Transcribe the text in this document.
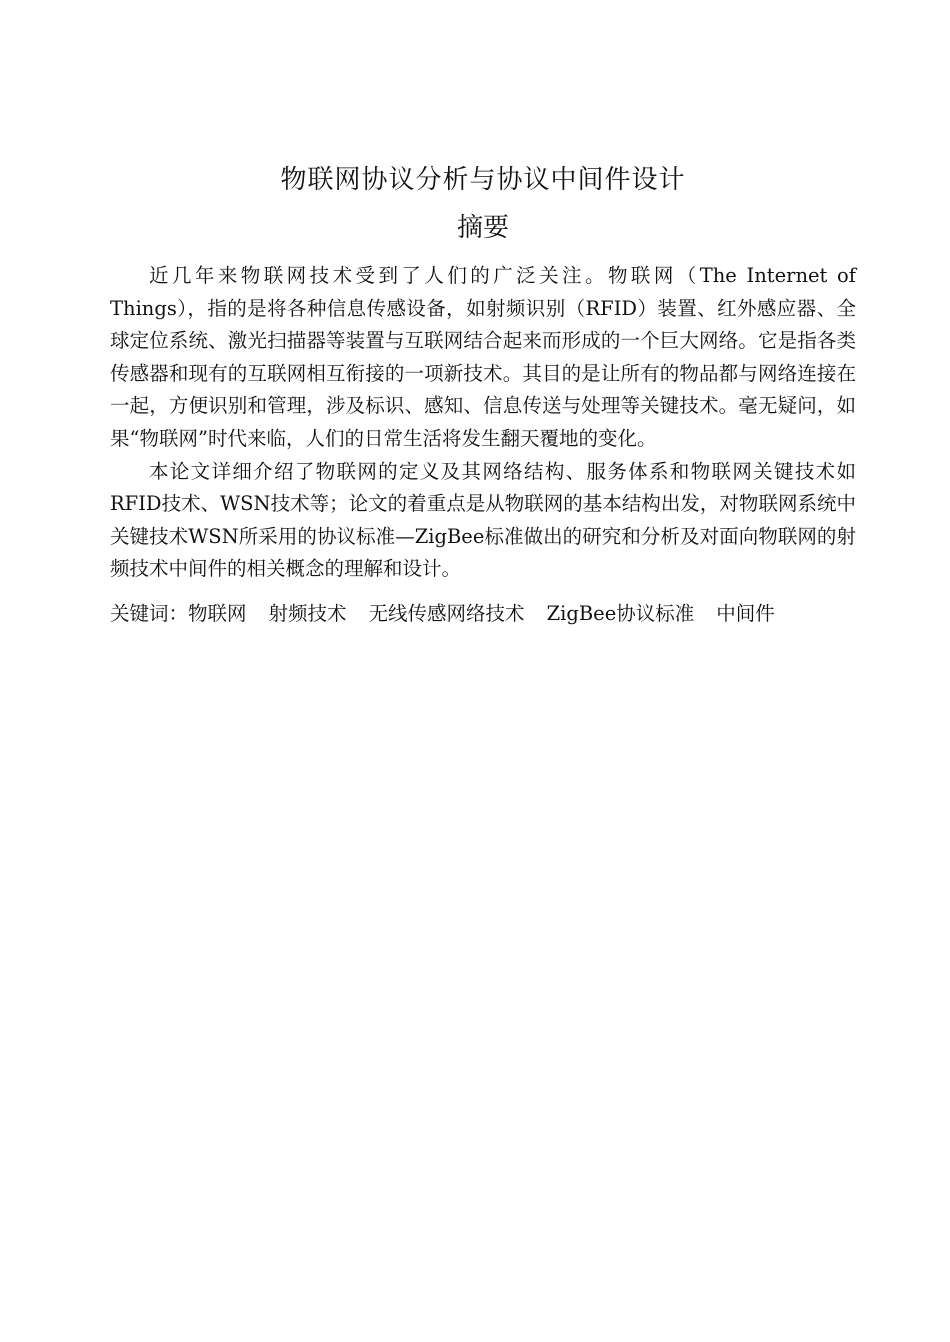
物联网协议分析与协议中间件设计
摘要

近几年来物联网技术受到了人们的广泛关注。物联网（The Internet of Things），指的是将各种信息传感设备，如射频识别（RFID）装置、红外感应器、全球定位系统、激光扫描器等装置与互联网结合起来而形成的一个巨大网络。它是指各类传感器和现有的互联网相互衔接的一项新技术。其目的是让所有的物品都与网络连接在一起，方便识别和管理，涉及标识、感知、信息传送与处理等关键技术。毫无疑问，如果“物联网”时代来临，人们的日常生活将发生翻天覆地的变化。

本论文详细介绍了物联网的定义及其网络结构、服务体系和物联网关键技术如RFID技术、WSN技术等；论文的着重点是从物联网的基本结构出发，对物联网系统中关键技术WSN所采用的协议标准—ZigBee标准做出的研究和分析及对面向物联网的射频技术中间件的相关概念的理解和设计。

关键词：物联网 射频技术 无线传感网络技术 ZigBee协议标准 中间件
